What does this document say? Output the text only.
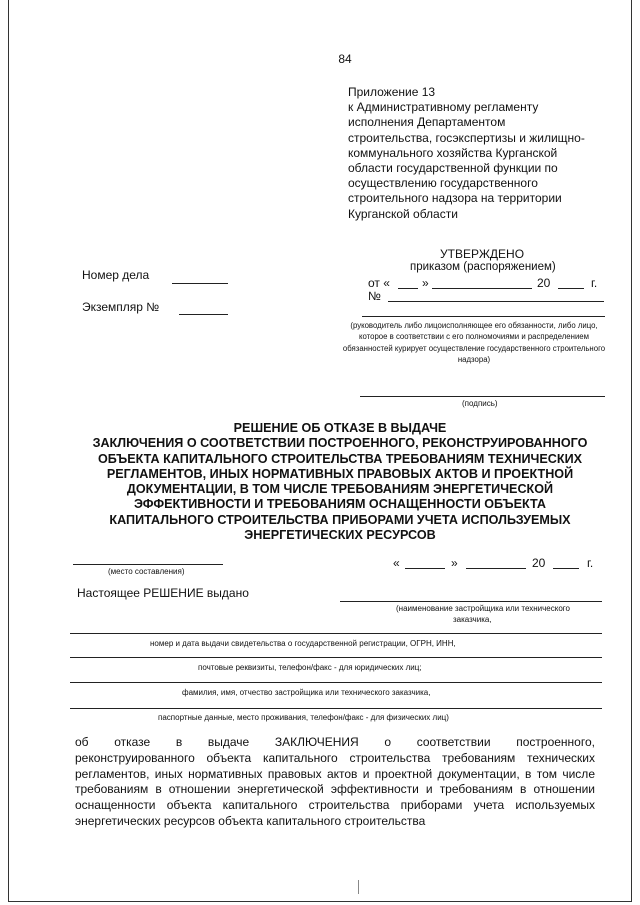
84
Приложение 13
к Административному регламенту
исполнения Департаментом
строительства, госэкспертизы и жилищно-
коммунального хозяйства Курганской
области государственной функции по
осуществлению государственного
строительного надзора на территории
Курганской области
УТВЕРЖДЕНО
приказом (распоряжением)
от «	»	20	г.
№
(руководитель либо лицоисполняющее его обязанности, либо лицо, которое в соответствии с его полномочиями и распределением обязанностей курирует осуществление государственного строительного надзора)
(подпись)
Номер дела
Экземпляр №
РЕШЕНИЕ ОБ ОТКАЗЕ В ВЫДАЧЕ
ЗАКЛЮЧЕНИЯ О СООТВЕТСТВИИ ПОСТРОЕННОГО, РЕКОНСТРУИРОВАННОГО
ОБЪЕКТА КАПИТАЛЬНОГО СТРОИТЕЛЬСТВА ТРЕБОВАНИЯМ ТЕХНИЧЕСКИХ
РЕГЛАМЕНТОВ, ИНЫХ НОРМАТИВНЫХ ПРАВОВЫХ АКТОВ И ПРОЕКТНОЙ
ДОКУМЕНТАЦИИ, В ТОМ ЧИСЛЕ ТРЕБОВАНИЯМ ЭНЕРГЕТИЧЕСКОЙ
ЭФФЕКТИВНОСТИ И ТРЕБОВАНИЯМ ОСНАЩЕННОСТИ ОБЪЕКТА
КАПИТАЛЬНОГО СТРОИТЕЛЬСТВА ПРИБОРАМИ УЧЕТА ИСПОЛЬЗУЕМЫХ
ЭНЕРГЕТИЧЕСКИХ РЕСУРСОВ
(место составления)
«	»	20	г.
Настоящее РЕШЕНИЕ выдано
(наименование застройщика или технического
заказчика,
номер и дата выдачи свидетельства о государственной регистрации, ОГРН, ИНН,
почтовые реквизиты, телефон/факс - для юридических лиц;
фамилия, имя, отчество застройщика или технического заказчика,
паспортные данные, место проживания, телефон/факс - для физических лиц)
об отказе в выдаче ЗАКЛЮЧЕНИЯ о соответствии построенного,
реконструированного объекта капитального строительства требованиям технических регламентов, иных нормативных правовых актов и проектной документации, в том числе требованиям в отношении энергетической эффективности и требованиям в отношении оснащенности объекта капитального строительства приборами учета используемых энергетических ресурсов объекта капитального строительства
